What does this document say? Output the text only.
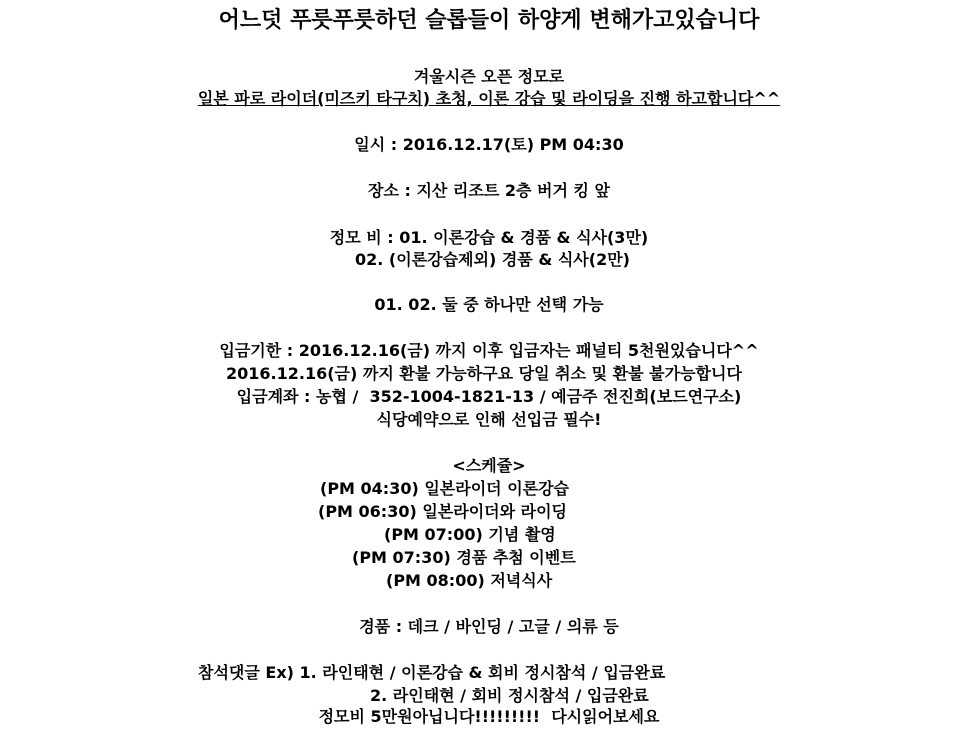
어느덧 푸릇푸릇하던 슬롭들이 하양게 변해가고있습니다
겨울시즌 오픈 정모로
일본 파로 라이더(미즈키 타구치) 초청, 이론 강습 및 라이딩을 진행 하고합니다^^
일시 : 2016.12.17(토) PM 04:30
장소 : 지산 리조트 2층 버거 킹 앞
정모 비 : 01. 이론강습 & 경품 & 식사(3만)
02. (이론강습제외) 경품 & 식사(2만)
01. 02. 둘 중 하나만 선택 가능
입금기한 : 2016.12.16(금) 까지 이후 입금자는 패널티 5천원있습니다^^
2016.12.16(금) 까지 환불 가능하구요 당일 취소 및 환불 불가능합니다
입금계좌 : 농협 /  352-1004-1821-13 / 예금주 전진희(보드연구소)
식당예약으로 인해 선입금 필수!
<스케쥴>
(PM 04:30) 일본라이더 이론강습
(PM 06:30) 일본라이더와 라이딩
(PM 07:00) 기념 촬영
(PM 07:30) 경품 추첨 이벤트
(PM 08:00) 저녁식사
경품 : 데크 / 바인딩 / 고글 / 의류 등
참석댓글 Ex) 1. 라인태현 / 이론강습 & 회비 정시참석 / 입금완료
2. 라인태현 / 회비 정시참석 / 입금완료
정모비 5만원아닙니다!!!!!!!!!  다시읽어보세요
